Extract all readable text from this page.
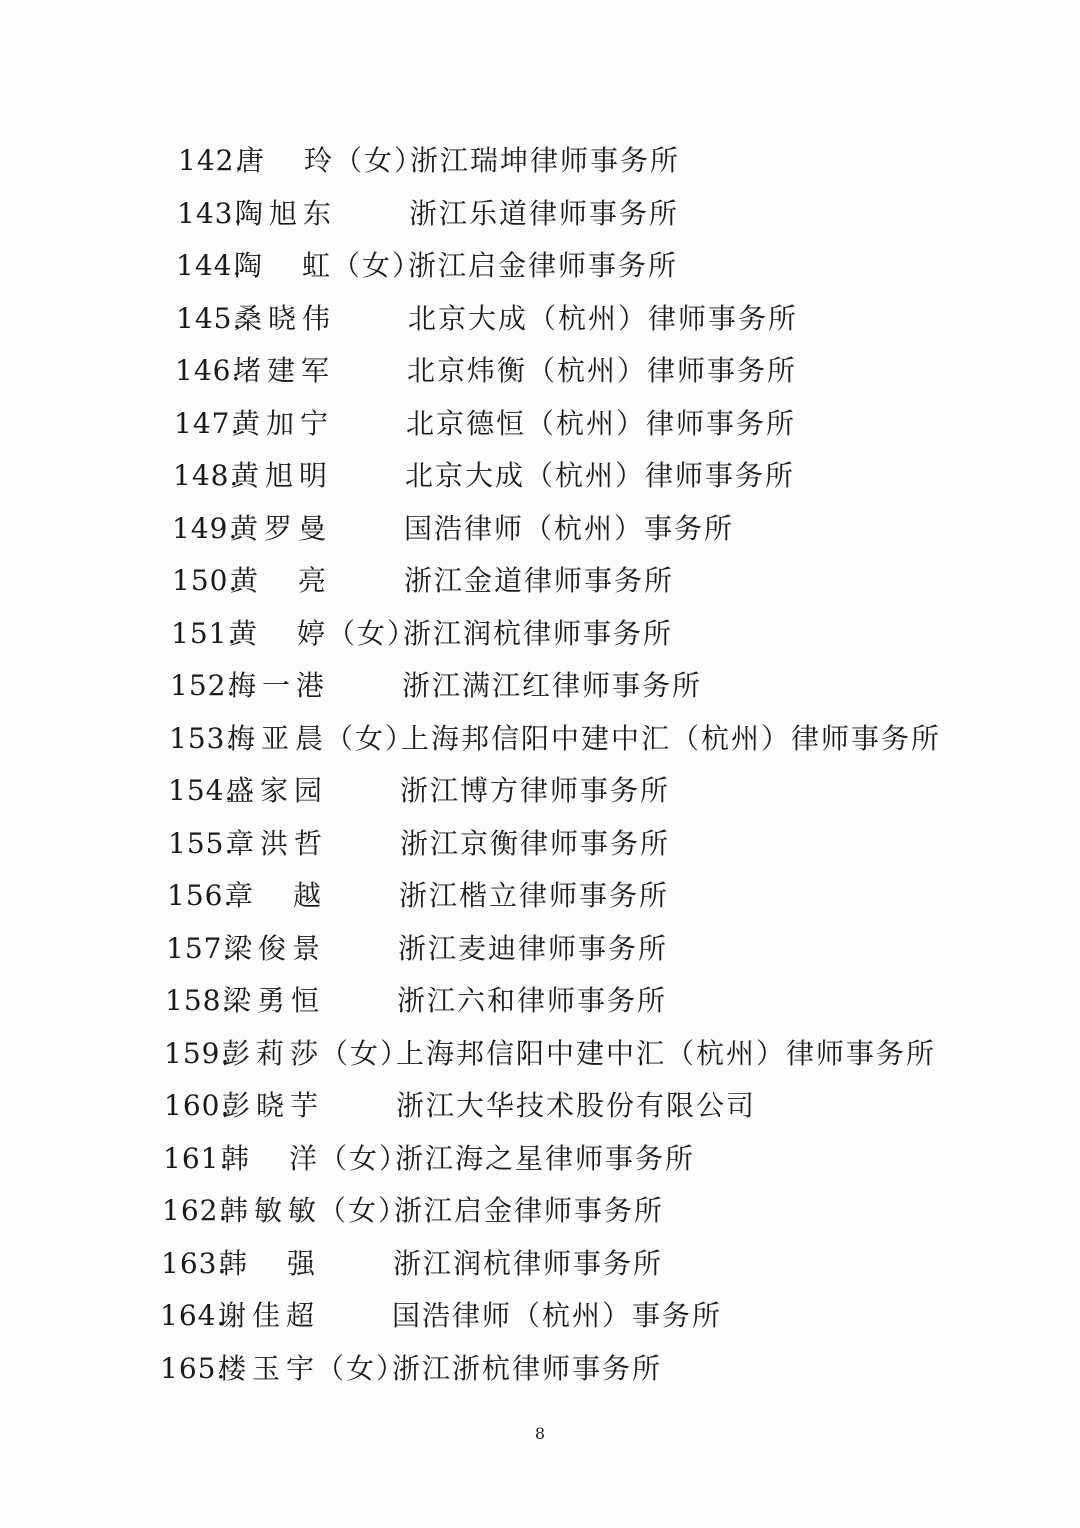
142.唐　玲（女）浙江瑞坤律师事务所
143.陶旭东	浙江乐道律师事务所
144.陶　虹（女）浙江启金律师事务所
145.桑晓伟	北京大成（杭州）律师事务所
146.堵建军	北京炜衡（杭州）律师事务所
147.黄加宁	北京德恒（杭州）律师事务所
148.黄旭明	北京大成（杭州）律师事务所
149.黄罗曼	国浩律师（杭州）事务所
150.黄　亮	浙江金道律师事务所
151.黄　婷（女）浙江润杭律师事务所
152.梅一港	浙江满江红律师事务所
153.梅亚晨（女）上海邦信阳中建中汇（杭州）律师事务所
154.盛家园	浙江博方律师事务所
155.章洪哲	浙江京衡律师事务所
156.章　越	浙江楷立律师事务所
157.梁俊景	浙江麦迪律师事务所
158.梁勇恒	浙江六和律师事务所
159.彭莉莎（女）上海邦信阳中建中汇（杭州）律师事务所
160.彭晓芋	浙江大华技术股份有限公司
161.韩　洋（女）浙江海之星律师事务所
162.韩敏敏（女）浙江启金律师事务所
163.韩　强	浙江润杭律师事务所
164.谢佳超	国浩律师（杭州）事务所
165.楼玉宇（女）浙江浙杭律师事务所
8
